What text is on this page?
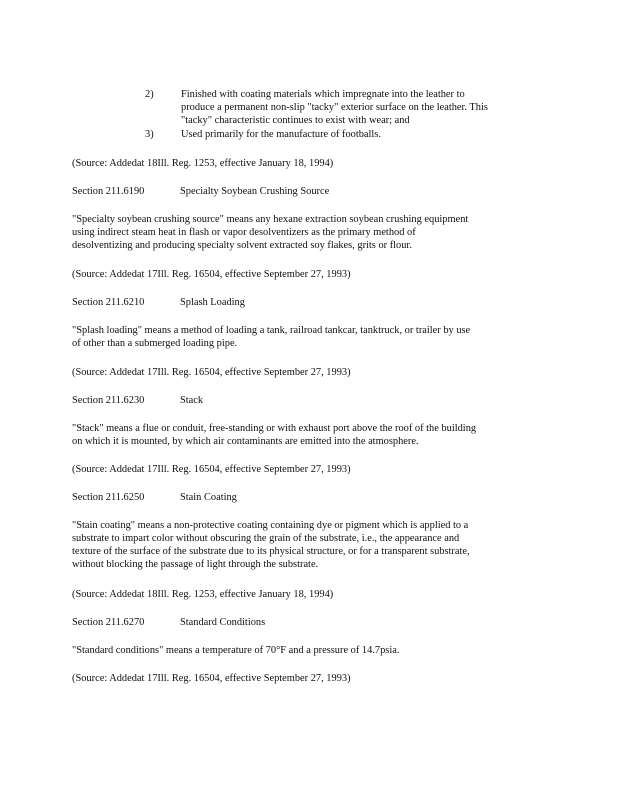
2)	Finished with coating materials which impregnate into the leather to
produce a permanent non-slip "tacky" exterior surface on the leather. This
"tacky" characteristic continues to exist with wear; and
3)	Used primarily for the manufacture of footballs.
(Source: Addedat 18Ill. Reg. 1253, effective January 18, 1994)
Section 211.6190	Specialty Soybean Crushing Source
"Specialty soybean crushing source" means any hexane extraction soybean crushing equipment
using indirect steam heat in flash or vapor desolventizers as the primary method of
desolventizing and producing specialty solvent extracted soy flakes, grits or flour.
(Source: Addedat 17Ill. Reg. 16504, effective September 27, 1993)
Section 211.6210	Splash Loading
"Splash loading" means a method of loading a tank, railroad tankcar, tanktruck, or trailer by use
of other than a submerged loading pipe.
(Source: Addedat 17Ill. Reg. 16504, effective September 27, 1993)
Section 211.6230	Stack
"Stack" means a flue or conduit, free-standing or with exhaust port above the roof of the building
on which it is mounted, by which air contaminants are emitted into the atmosphere.
(Source: Addedat 17Ill. Reg. 16504, effective September 27, 1993)
Section 211.6250	Stain Coating
"Stain coating" means a non-protective coating containing dye or pigment which is applied to a
substrate to impart color without obscuring the grain of the substrate, i.e., the appearance and
texture of the surface of the substrate due to its physical structure, or for a transparent substrate,
without blocking the passage of light through the substrate.
(Source: Addedat 18Ill. Reg. 1253, effective January 18, 1994)
Section 211.6270	Standard Conditions
"Standard conditions" means a temperature of 70°F and a pressure of 14.7psia.
(Source: Addedat 17Ill. Reg. 16504, effective September 27, 1993)
